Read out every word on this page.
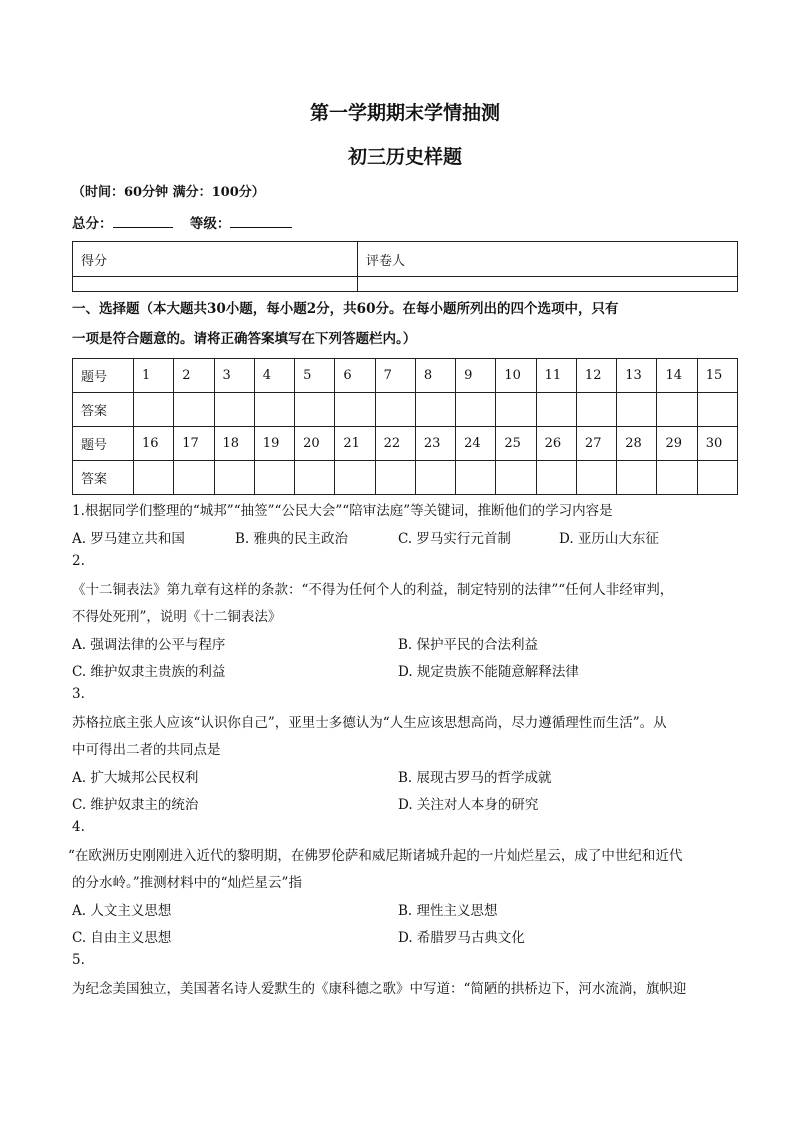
第一学期期末学情抽测
初三历史样题
（时间：60分钟 满分：100分）
总分：	等级：
得分	评卷人

一、选择题（本大题共30小题，每小题2分，共60分。在每小题所列出的四个选项中，只有
一项是符合题意的。请将正确答案填写在下列答题栏内。）
题号	1	2	3	4	5	6	7	8	9	10	11	12	13	14	15
答案															
题号	16	17	18	19	20	21	22	23	24	25	26	27	28	29	30
答案															
1.根据同学们整理的“城邦”“抽签”“公民大会”“陪审法庭”等关键词，推断他们的学习内容是
A. 罗马建立共和国	B. 雅典的民主政治	C. 罗马实行元首制	D. 亚历山大东征
2.
《十二铜表法》第九章有这样的条款：“不得为任何个人的利益，制定特别的法律”“任何人非经审判，
不得处死刑”，说明《十二铜表法》
A. 强调法律的公平与程序	B. 保护平民的合法利益
C. 维护奴隶主贵族的利益	D. 规定贵族不能随意解释法律
3.
苏格拉底主张人应该“认识你自己”，亚里士多德认为“人生应该思想高尚，尽力遵循理性而生活”。从
中可得出二者的共同点是
A. 扩大城邦公民权利	B. 展现古罗马的哲学成就
C. 维护奴隶主的统治	D. 关注对人本身的研究
4.
“在欧洲历史刚刚进入近代的黎明期，在佛罗伦萨和威尼斯诸城升起的一片灿烂星云，成了中世纪和近代
的分水岭。”推测材料中的“灿烂星云”指
A. 人文主义思想	B. 理性主义思想
C. 自由主义思想	D. 希腊罗马古典文化
5.
为纪念美国独立，美国著名诗人爱默生的《康科德之歌》中写道：“简陋的拱桥边下，河水流淌，旗帜迎
